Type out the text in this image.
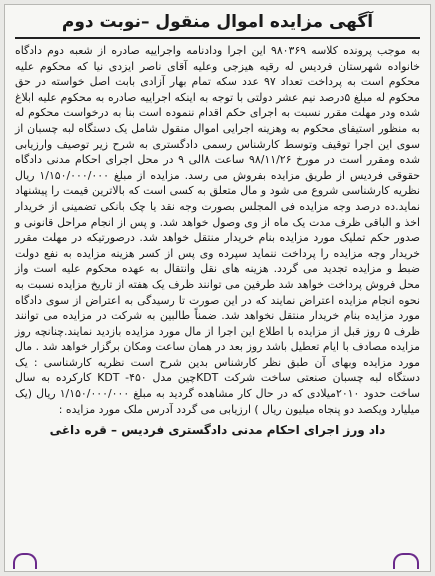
آگهی مزایده اموال منقول –نوبت دوم
به موجب پرونده کلاسه ۹۸۰۳۶۹ این اجرا ودادنامه واجراییه صادره از شعبه دوم دادگاه خانواده شهرستان فردیس له رقیه هیزجی وعلیه آقای ناصر ایزدی نیا که محکوم علیه محکوم است به پرداخت تعداد ۹۷ عدد سکه تمام بهار آزادی بابت اصل خواسته در حق محکوم له مبلغ ۵درصد نیم عشر دولتی با توجه به اینکه اجراییه صادره به محکوم علیه ابلاغ شده ودر مهلت مقرر نسبت به اجرای حکم اقدام ننموده است بنا به درخواست محکوم له به منظور استیفای محکوم به وهزینه اجرایی اموال منقول شامل یک دستگاه لبه چسبان از سوی این اجرا توقیف وتوسط کارشناس رسمی دادگستری به شرح زیر توصیف وارزیابی شده ومقرر است در مورخ ۹۸/۱۱/۲۶ ساعت ۸الی ۹ در محل اجرای احکام مدنی دادگاه حقوقی فردیس از طریق مزایده بفروش می رسد. مزایده از مبلغ ۱/۱۵۰/۰۰۰/۰۰۰ ریال نظریه کارشناسی شروع می شود و مال متعلق به کسی است که بالاترین قیمت را پیشنهاد نماید.ده درصد وجه مزایده فی المجلس بصورت وجه نقد یا چک بانکی تضمینی از خریدار اخذ و الباقی ظرف مدت یک ماه از وی وصول خواهد شد. و پس از انجام مراحل قانونی و صدور حکم تملیک مورد مزایده بنام خریدار منتقل خواهد شد. درصورتیکه در مهلت مقرر خریدار وجه مزایده را پرداخت ننماید سپرده وی پس از کسر هزینه مزایده به نفع دولت ضبط و مزایده تجدید می گردد. هزینه های نقل وانتقال به عهده محکوم علیه است واز محل فروش پرداخت خواهد شد طرفین می توانند ظرف یک هفته از تاریخ مزایده نسبت به نحوه انجام مزایده اعتراض نمایند که در این صورت تا رسیدگی به اعتراض از سوی دادگاه مورد مزایده بنام خریدار منتقل نخواهد شد. ضمناً طالبین به شرکت در مزایده می توانند ظرف ۵ روز قبل از مزایده با اطلاع این اجرا از مال مورد مزایده بازدید نمایند.چنانچه روز مزایده مصادف با ایام تعطیل باشد روز بعد در همان ساعت ومکان برگزار خواهد شد . مال مورد مزایده وبهای آن طبق نظر کارشناس بدین شرح است نظریه کارشناسی : یک دستگاه لبه چسبان صنعتی ساخت شرکت KDTچین مدل KDT -۴۵۰ کارکرده به سال ساخت حدود ۲۰۱۰میلادی که در حال کار مشاهده گردید به مبلغ ۱/۱۵۰/۰۰۰/۰۰۰ ریال (یک میلیارد ویکصد دو پنجاه میلیون ریال ) ارزیابی می گردد آدرس ملک مورد مزایده :
داد ورز اجرای احکام مدنی دادگستری فردیس – قره داغی
